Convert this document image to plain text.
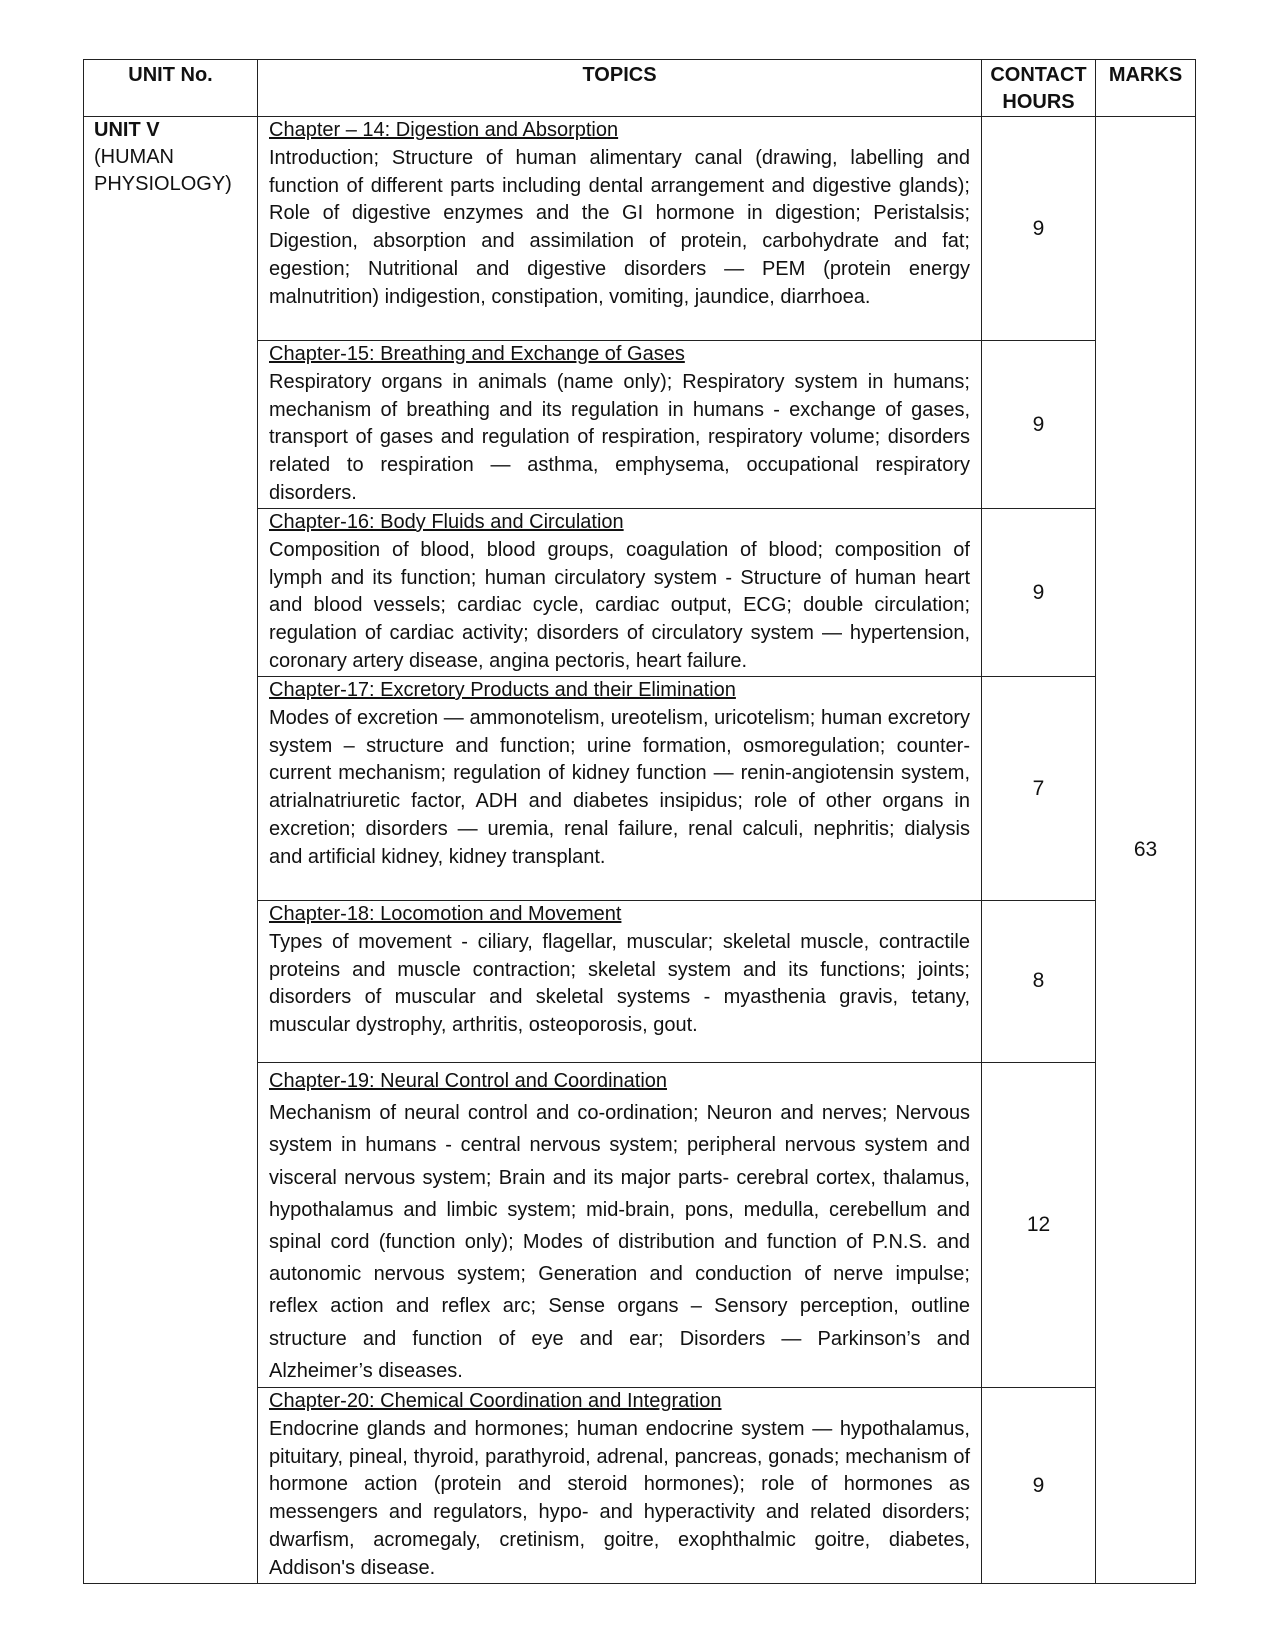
UNIT No.	TOPICS	CONTACT HOURS	MARKS

UNIT V
(HUMAN PHYSIOLOGY)	Chapter – 14: Digestion and Absorption
Introduction; Structure of human alimentary canal (drawing, labelling and function of different parts including dental arrangement and digestive glands); Role of digestive enzymes and the GI hormone in digestion; Peristalsis; Digestion, absorption and assimilation of protein, carbohydrate and fat; egestion; Nutritional and digestive disorders — PEM (protein energy malnutrition) indigestion, constipation, vomiting, jaundice, diarrhoea.	9	63

	Chapter-15: Breathing and Exchange of Gases
Respiratory organs in animals (name only); Respiratory system in humans; mechanism of breathing and its regulation in humans - exchange of gases, transport of gases and regulation of respiration, respiratory volume; disorders related to respiration — asthma, emphysema, occupational respiratory disorders.	9	

	Chapter-16: Body Fluids and Circulation
Composition of blood, blood groups, coagulation of blood; composition of lymph and its function; human circulatory system - Structure of human heart and blood vessels; cardiac cycle, cardiac output, ECG; double circulation; regulation of cardiac activity; disorders of circulatory system — hypertension, coronary artery disease, angina pectoris, heart failure.	9	

	Chapter-17: Excretory Products and their Elimination
Modes of excretion — ammonotelism, ureotelism, uricotelism; human excretory system – structure and function; urine formation, osmoregulation; counter-current mechanism; regulation of kidney function — renin-angiotensin system, atrialnatriuretic factor, ADH and diabetes insipidus; role of other organs in excretion; disorders — uremia, renal failure, renal calculi, nephritis; dialysis and artificial kidney, kidney transplant.	7	

	Chapter-18: Locomotion and Movement
Types of movement - ciliary, flagellar, muscular; skeletal muscle, contractile proteins and muscle contraction; skeletal system and its functions; joints; disorders of muscular and skeletal systems - myasthenia gravis, tetany, muscular dystrophy, arthritis, osteoporosis, gout.	8	

	Chapter-19: Neural Control and Coordination
Mechanism of neural control and co-ordination; Neuron and nerves; Nervous system in humans - central nervous system; peripheral nervous system and visceral nervous system; Brain and its major parts- cerebral cortex, thalamus, hypothalamus and limbic system; mid-brain, pons, medulla, cerebellum and spinal cord (function only); Modes of distribution and function of P.N.S. and autonomic nervous system; Generation and conduction of nerve impulse; reflex action and reflex arc; Sense organs – Sensory perception, outline structure and function of eye and ear; Disorders — Parkinson’s and Alzheimer’s diseases.	12	

	Chapter-20: Chemical Coordination and Integration
Endocrine glands and hormones; human endocrine system — hypothalamus, pituitary, pineal, thyroid, parathyroid, adrenal, pancreas, gonads; mechanism of hormone action (protein and steroid hormones); role of hormones as messengers and regulators, hypo- and hyperactivity and related disorders; dwarfism, acromegaly, cretinism, goitre, exophthalmic goitre, diabetes, Addison's disease.	9	
